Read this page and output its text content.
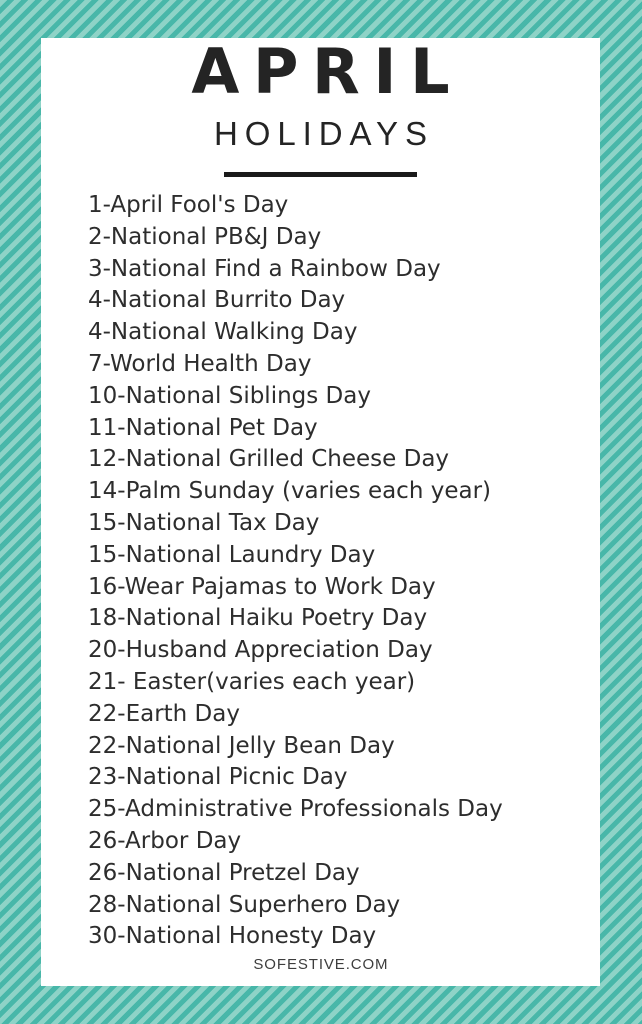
APRIL
HOLIDAYS
1-April Fool's Day
2-National PB&J Day
3-National Find a Rainbow Day
4-National Burrito Day
4-National Walking Day
7-World Health Day
10-National Siblings Day
11-National Pet Day
12-National Grilled Cheese Day
14-Palm Sunday (varies each year)
15-National Tax Day
15-National Laundry Day
16-Wear Pajamas to Work Day
18-National Haiku Poetry Day
20-Husband Appreciation Day
21- Easter(varies each year)
22-Earth Day
22-National Jelly Bean Day
23-National Picnic Day
25-Administrative Professionals Day
26-Arbor Day
26-National Pretzel Day
28-National Superhero Day
30-National Honesty Day
SOFESTIVE.COM
